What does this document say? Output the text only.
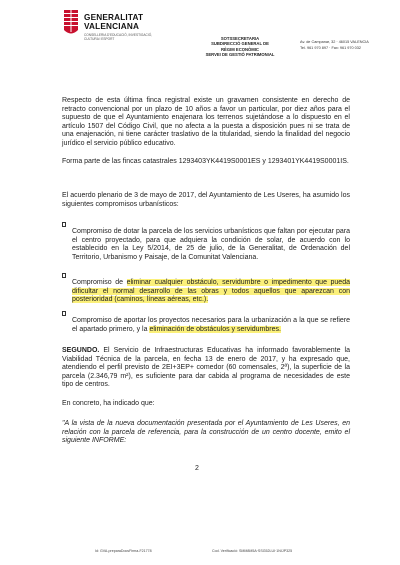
GENERALITAT
VALENCIANA
CONSELLERIA D'EDUCACIÓ, INVESTIGACIÓ, CULTURA I ESPORT	SOTSSECRETARIA
SUBDIRECCIÓ GENERAL DE
RÈGIM ECONÒMIC
SERVEI DE GESTIÓ PATRIMONIAL
Av. de Campanar, 32 · 46015 VALENCIA
Tel. 961 970 897 · Fax: 961 970 032

Respecto de esta última finca registral existe un gravamen consistente en derecho de retracto convencional por un plazo de 10 años a favor un particular, por diez años para el supuesto de que el Ayuntamiento enajenara los terrenos sujetándose a lo dispuesto en el artículo 1507 del Código Civil, que no afecta a la puesta a disposición pues ni se trata de una enajenación, ni tiene carácter traslativo de la titularidad, siendo la finalidad del negocio jurídico el servicio público educativo.

Forma parte de las fincas catastrales 1293403YK4419S0001ES y 1293401YK4419S0001IS.

El acuerdo plenario de 3 de mayo de 2017, del Ayuntamiento de Les Useres, ha asumido los siguientes compromisos urbanísticos:

Compromiso de dotar la parcela de los servicios urbanísticos que faltan por ejecutar para el centro proyectado, para que adquiera la condición de solar, de acuerdo con lo establecido en la Ley 5/2014, de 25 de julio, de la Generalitat, de Ordenación del Territorio, Urbanismo y Paisaje, de la Comunitat Valenciana.

Compromiso de eliminar cualquier obstáculo, servidumbre o impedimento que pueda dificultar el normal desarrollo de las obras y todos aquellos que aparezcan con posterioridad (caminos, líneas aéreas, etc.).

Compromiso de aportar los proyectos necesarios para la urbanización a la que se refiere el apartado primero, y la eliminación de obstáculos y servidumbres.

SEGUNDO. El Servicio de Infraestructuras Educativas ha informado favorablemente la Viabilidad Técnica de la parcela, en fecha 13 de enero de 2017, y ha expresado que, atendiendo el perfil previsto de 2EI+3EP+ comedor (60 comensales, 2ª), la superficie de la parcela (2.346,79 m²), es suficiente para dar cabida al programa de necesidades de este tipo de centros.

En concreto, ha indicado que:

"A la vista de la nueva documentación presentada por el Ayuntamiento de Les Useres, en relación con la parcela de referencia, para la construcción de un centro docente, emito el siguiente INFORME:

2
Id: GVA-preparaDocsFirma-F21778	Cod. Verificació: SMM8M5A·SSG52LUI·1NIJP325
